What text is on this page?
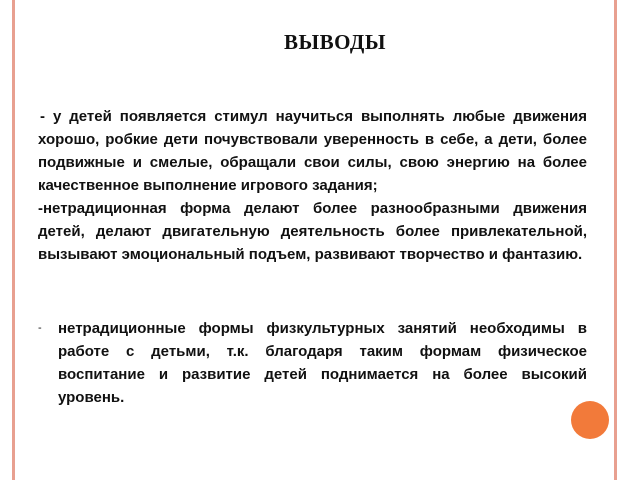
ВЫВОДЫ

- у детей появляется стимул научиться выполнять любые движения хорошо, робкие дети почувствовали уверенность в себе, а дети, более подвижные и смелые, обращали свои силы, свою энергию на более качественное выполнение игрового задания;

-нетрадиционная форма делают более разнообразными движения детей, делают двигательную деятельность более привлекательной, вызывают эмоциональный подъем, развивают творчество и фантазию.

- нетрадиционные формы физкультурных занятий необходимы в работе с детьми, т.к. благодаря таким формам физическое воспитание и развитие детей поднимается на более высокий уровень.
